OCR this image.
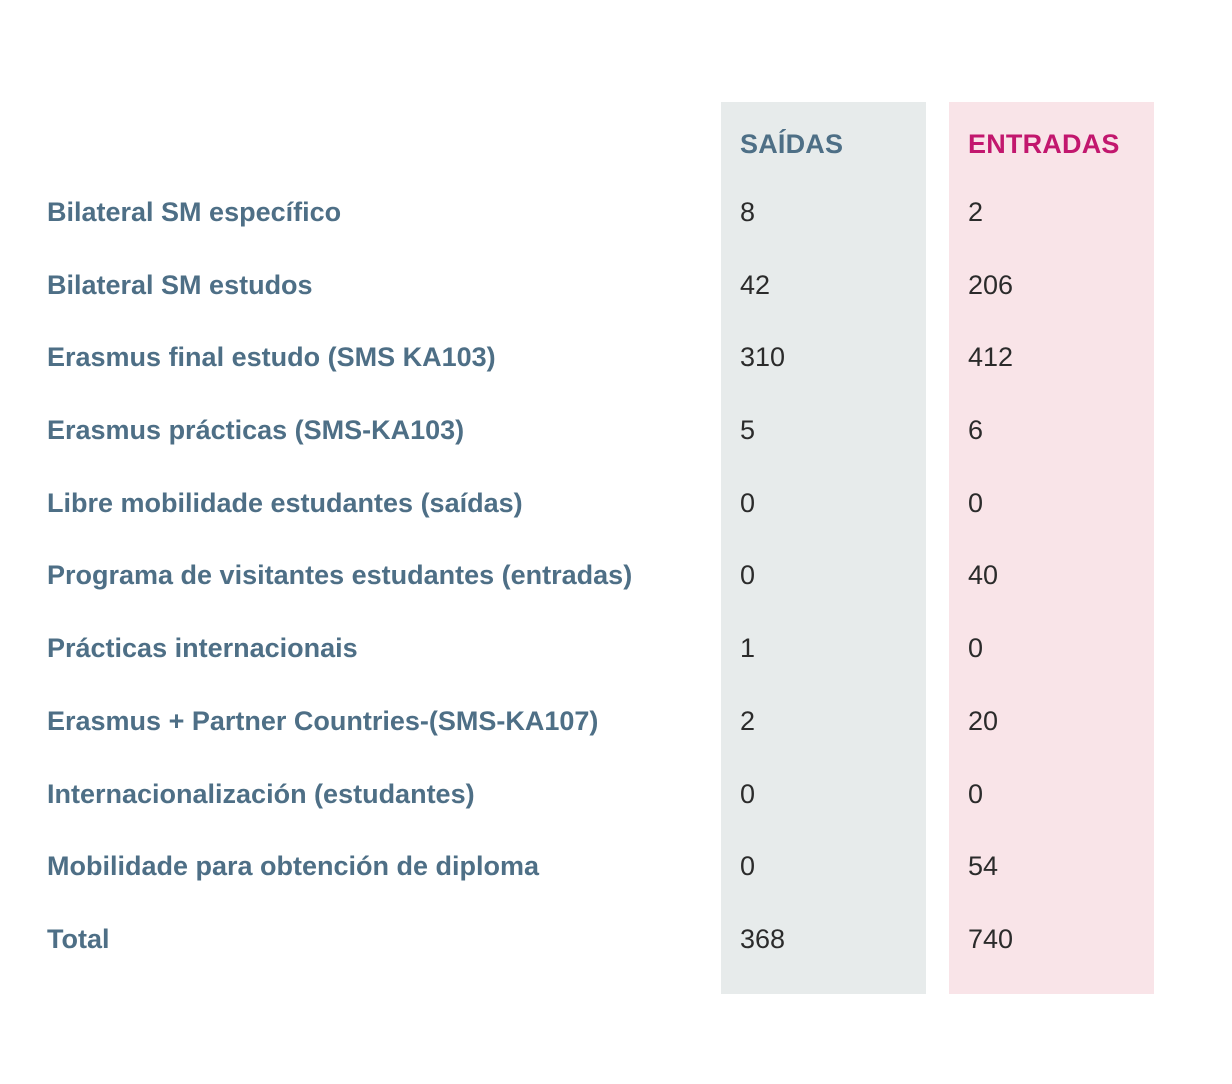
SAÍDAS	ENTRADAS
Bilateral SM específico	8	2
Bilateral SM estudos	42	206
Erasmus final estudo (SMS KA103)	310	412
Erasmus prácticas (SMS-KA103)	5	6
Libre mobilidade estudantes (saídas)	0	0
Programa de visitantes estudantes (entradas)	0	40
Prácticas internacionais	1	0
Erasmus + Partner Countries-(SMS-KA107)	2	20
Internacionalización (estudantes)	0	0
Mobilidade para obtención de diploma	0	54
Total	368	740
